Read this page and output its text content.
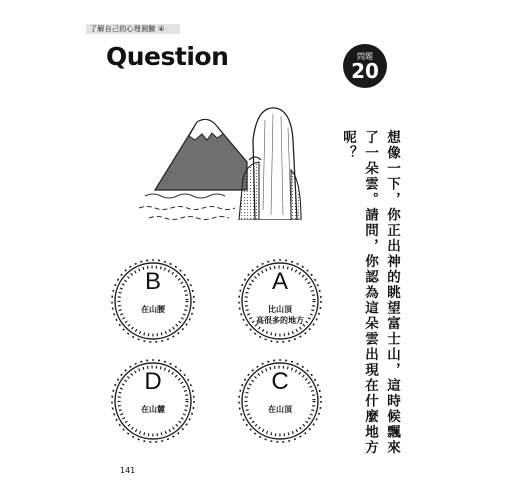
了解自己的心理測驗 ④
Question	問題
20
想像一下，你正出神的眺望富士山，這時候飄來了一朵雲。請問，你認為這朵雲出現在什麼地方呢？
B
在山腰
A
比山頂
高很多的地方
D
在山麓
C
在山頂
141
